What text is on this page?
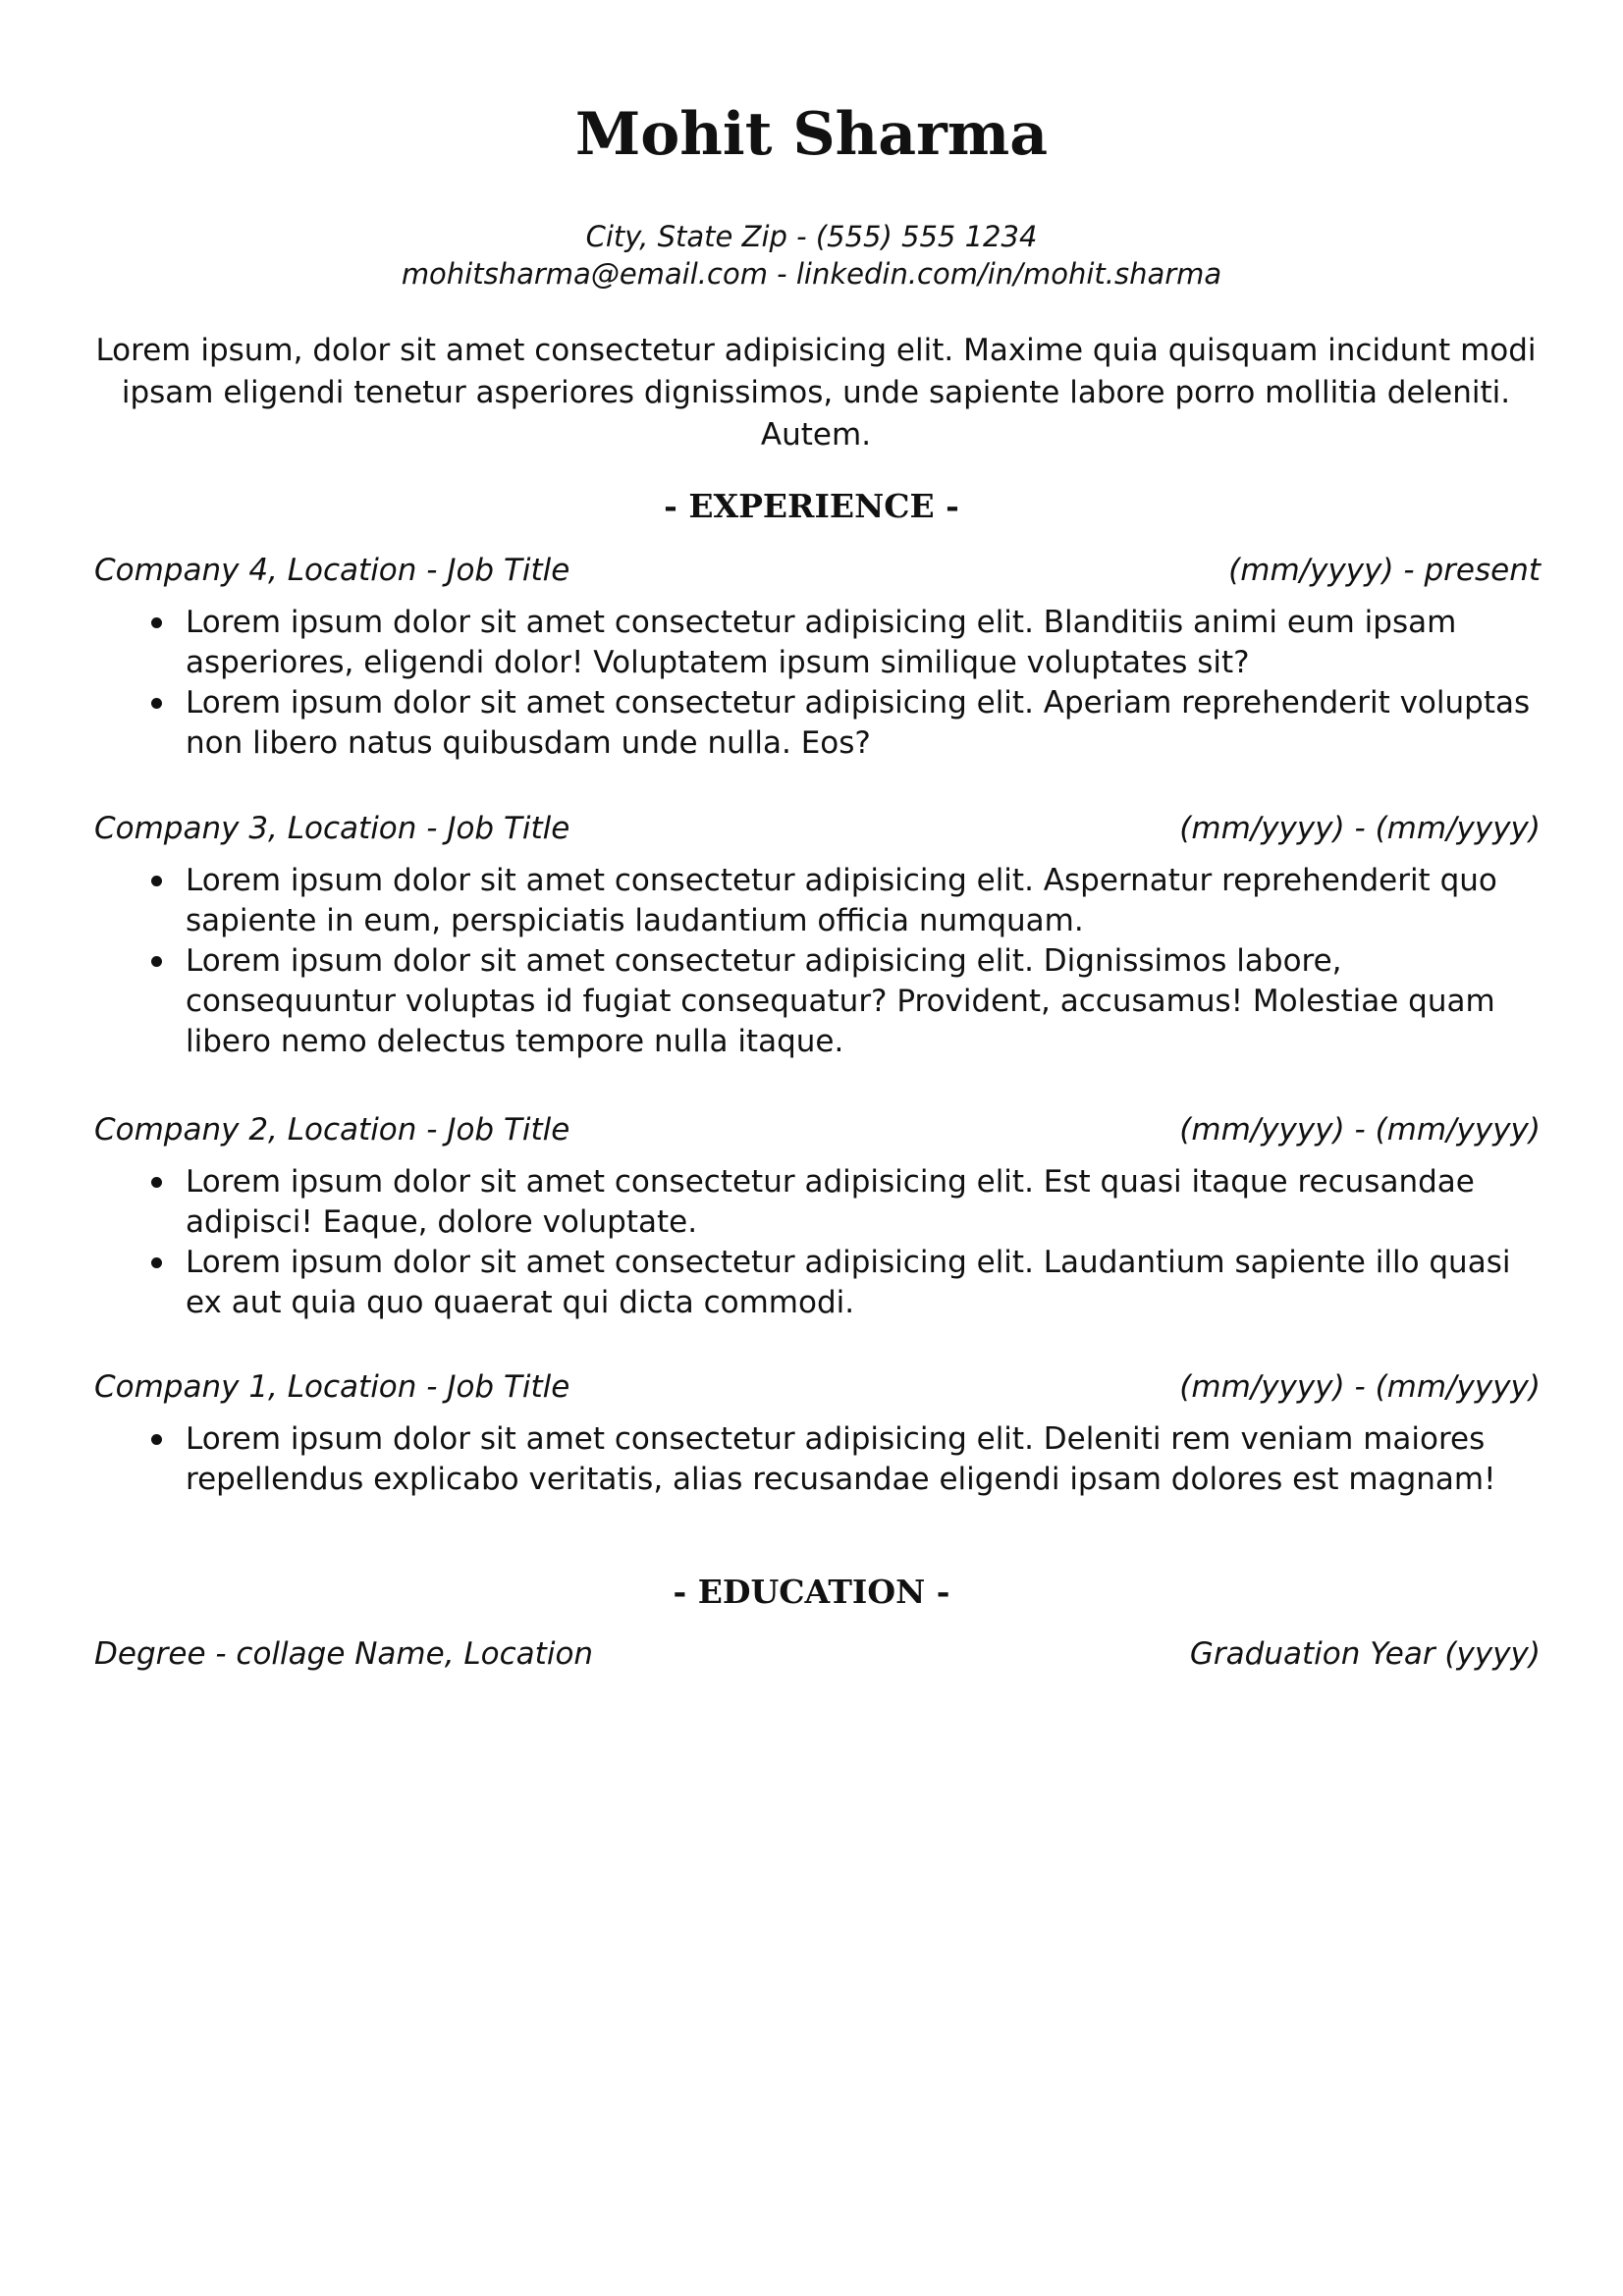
Mohit Sharma
City, State Zip - (555) 555 1234
mohitsharma@email.com - linkedin.com/in/mohit.sharma

Lorem ipsum, dolor sit amet consectetur adipisicing elit. Maxime quia quisquam incidunt modi ipsam eligendi tenetur asperiores dignissimos, unde sapiente labore porro mollitia deleniti. Autem.

- EXPERIENCE -
Company 4, Location - Job Title	(mm/yyyy) - present
Lorem ipsum dolor sit amet consectetur adipisicing elit. Blanditiis animi eum ipsam asperiores, eligendi dolor! Voluptatem ipsum similique voluptates sit?
Lorem ipsum dolor sit amet consectetur adipisicing elit. Aperiam reprehenderit voluptas non libero natus quibusdam unde nulla. Eos?
Company 3, Location - Job Title	(mm/yyyy) - (mm/yyyy)
Lorem ipsum dolor sit amet consectetur adipisicing elit. Aspernatur reprehenderit quo sapiente in eum, perspiciatis laudantium officia numquam.
Lorem ipsum dolor sit amet consectetur adipisicing elit. Dignissimos labore, consequuntur voluptas id fugiat consequatur? Provident, accusamus! Molestiae quam libero nemo delectus tempore nulla itaque.
Company 2, Location - Job Title	(mm/yyyy) - (mm/yyyy)
Lorem ipsum dolor sit amet consectetur adipisicing elit. Est quasi itaque recusandae adipisci! Eaque, dolore voluptate.
Lorem ipsum dolor sit amet consectetur adipisicing elit. Laudantium sapiente illo quasi ex aut quia quo quaerat qui dicta commodi.
Company 1, Location - Job Title	(mm/yyyy) - (mm/yyyy)
Lorem ipsum dolor sit amet consectetur adipisicing elit. Deleniti rem veniam maiores repellendus explicabo veritatis, alias recusandae eligendi ipsam dolores est magnam!
- EDUCATION -
Degree - collage Name, Location	Graduation Year (yyyy)
